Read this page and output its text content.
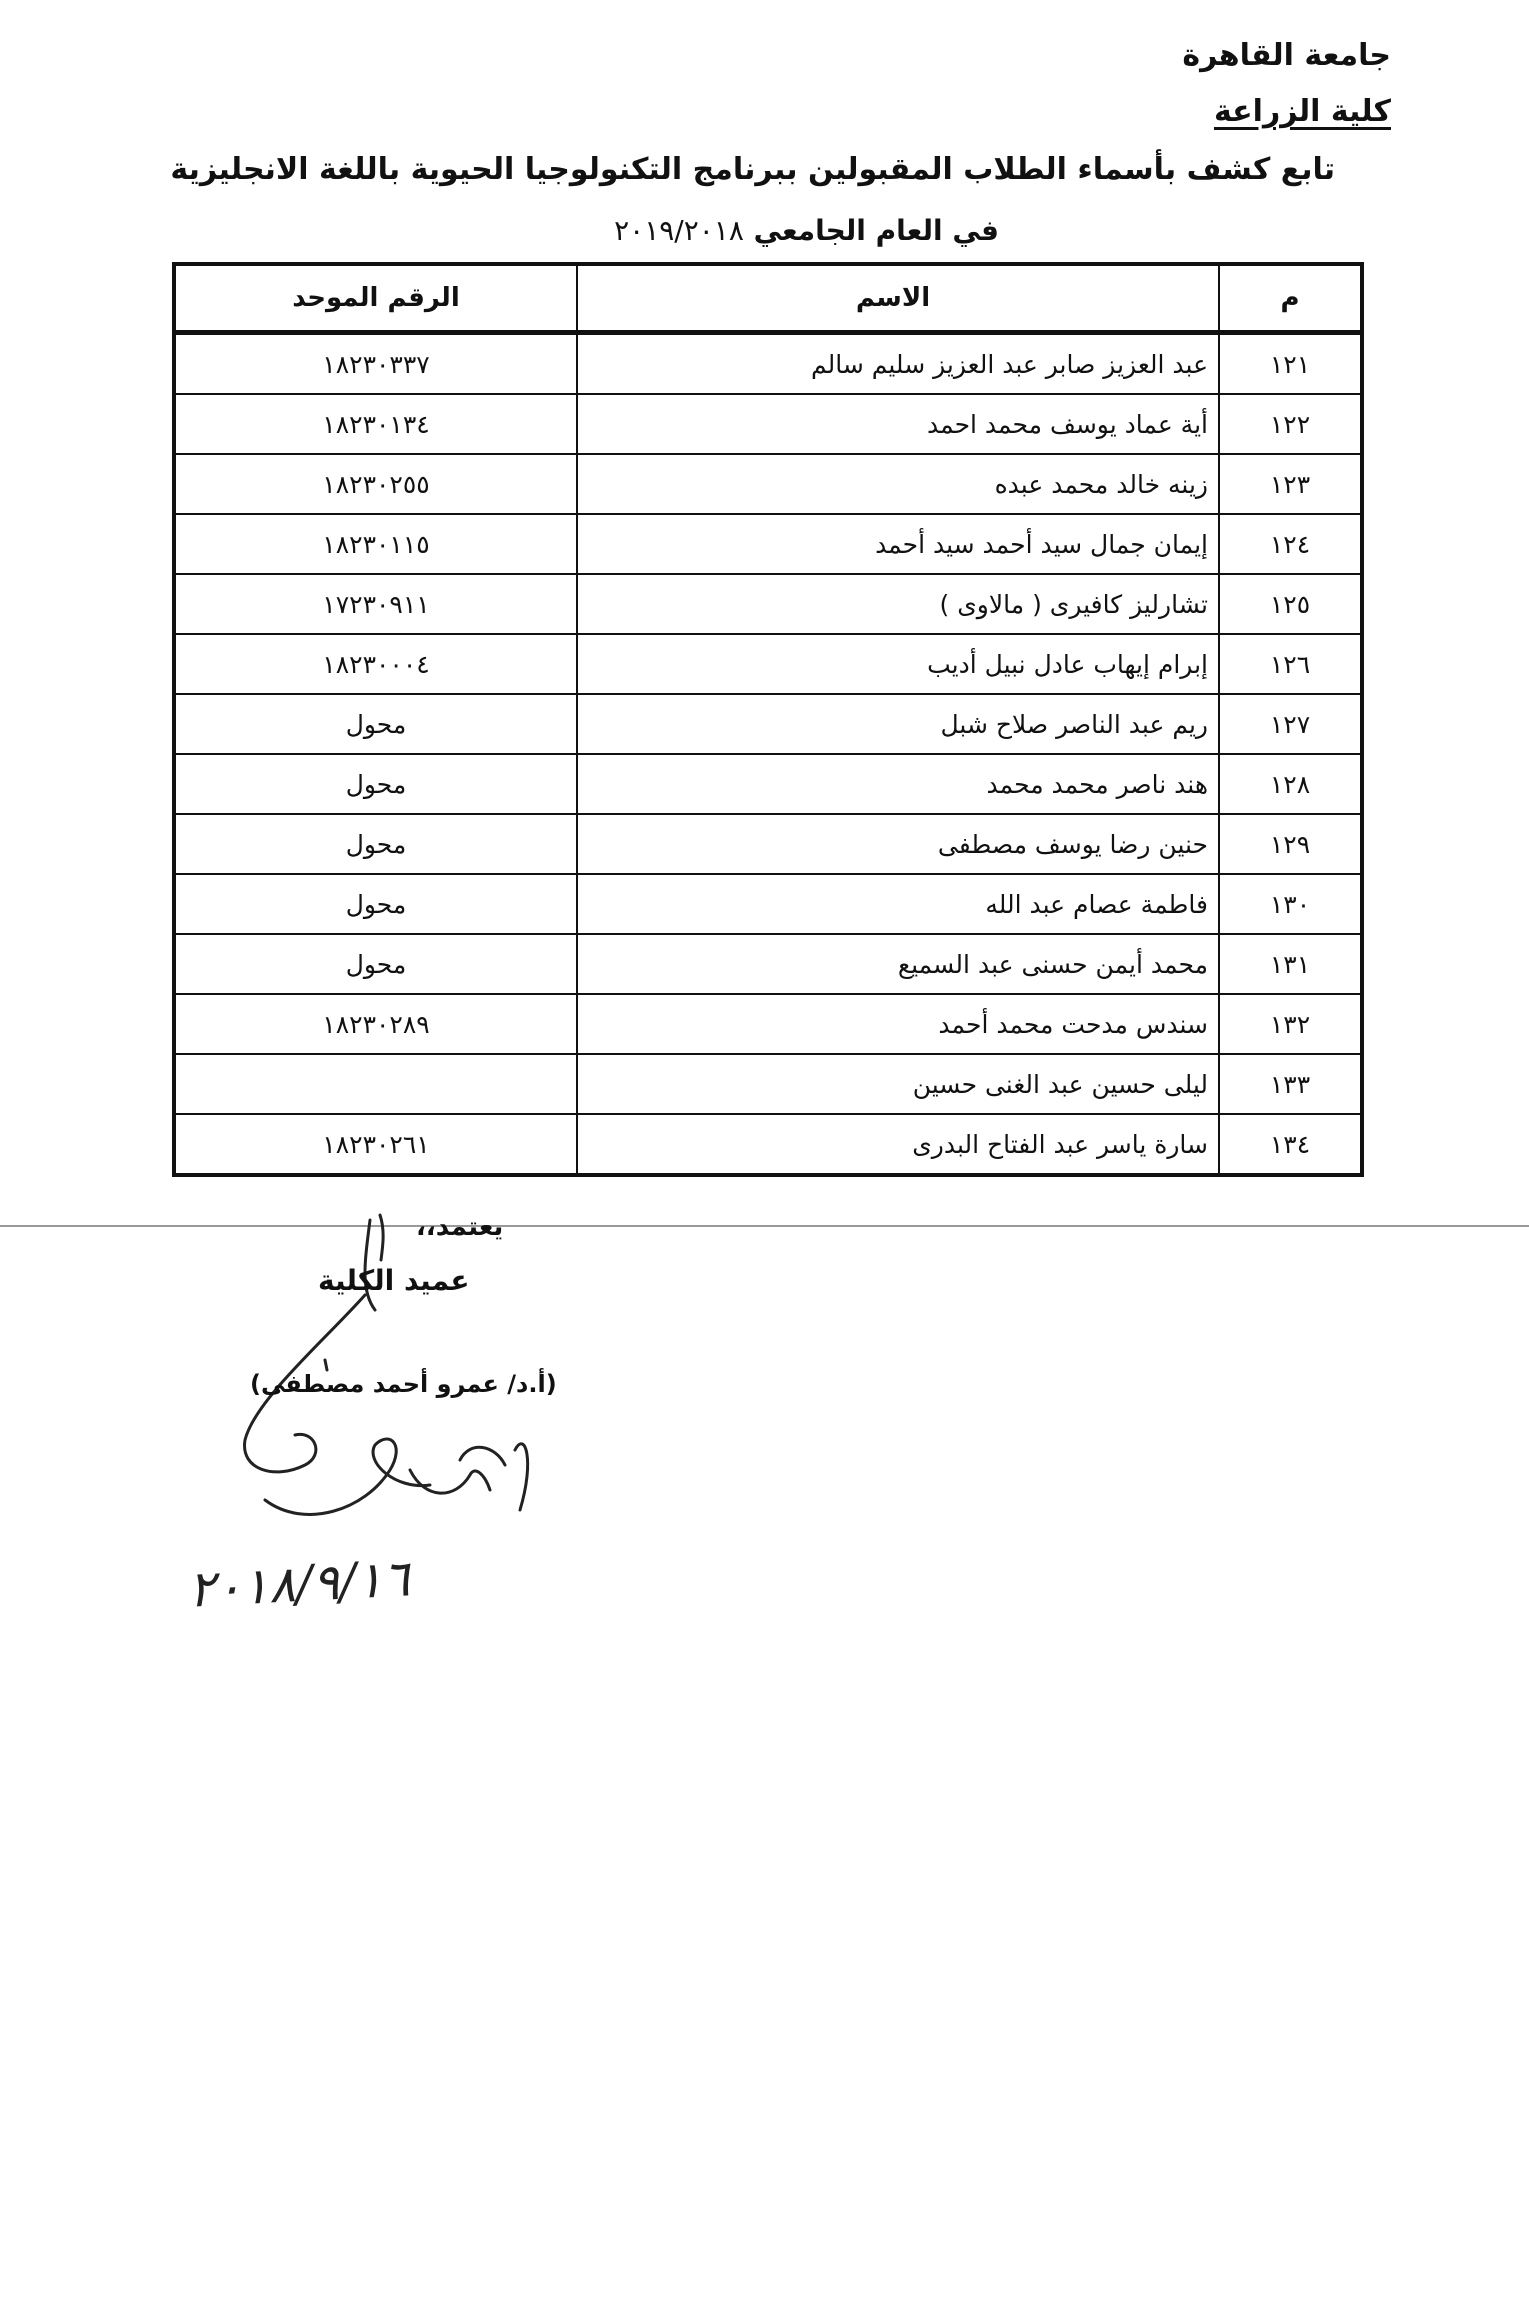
جامعة القاهرة
كلية الزراعة
تابع كشف بأسماء الطلاب المقبولين ببرنامج التكنولوجيا الحيوية باللغة الانجليزية
في العام الجامعي ٢٠١٩/٢٠١٨
م	الاسم	الرقم الموحد
١٢١	عبد العزيز صابر عبد العزيز سليم سالم	١٨٢٣٠٣٣٧
١٢٢	أية عماد يوسف محمد احمد	١٨٢٣٠١٣٤
١٢٣	زينه خالد محمد عبده	١٨٢٣٠٢٥٥
١٢٤	إيمان جمال سيد أحمد سيد أحمد	١٨٢٣٠١١٥
١٢٥	تشارليز كافيرى ( مالاوى )	١٧٢٣٠٩١١
١٢٦	إبرام إيهاب عادل نبيل أديب	١٨٢٣٠٠٠٤
١٢٧	ريم عبد الناصر صلاح شبل	محول
١٢٨	هند ناصر محمد محمد	محول
١٢٩	حنين رضا يوسف مصطفى	محول
١٣٠	فاطمة عصام عبد الله	محول
١٣١	محمد أيمن حسنى عبد السميع	محول
١٣٢	سندس مدحت محمد أحمد	١٨٢٣٠٢٨٩
١٣٣	ليلى حسين عبد الغنى حسين	
١٣٤	سارة ياسر عبد الفتاح البدرى	١٨٢٣٠٢٦١
يعتمد،،
عميد الكلية
(أ.د/ عمرو أحمد مصطفى)
٢٠١٨/٩/١٦
